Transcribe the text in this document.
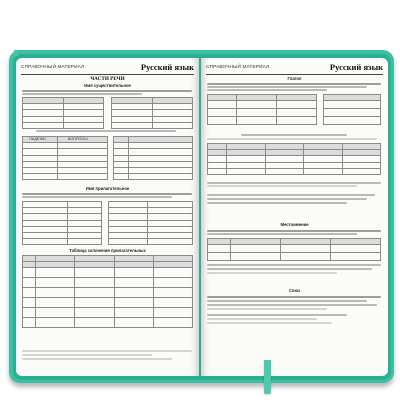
СПРАВОЧНЫЙ МАТЕРИАЛ	Русский язык
ЧАСТИ РЕЧИ
Имя существительное

ПАДЕЖИ	ВОПРОСЫ

Имя прилагательное

Таблица склонения прилагательных

СПРАВОЧНЫЙ МАТЕРИАЛ	Русский язык
Глагол

Местоимение

Союз
